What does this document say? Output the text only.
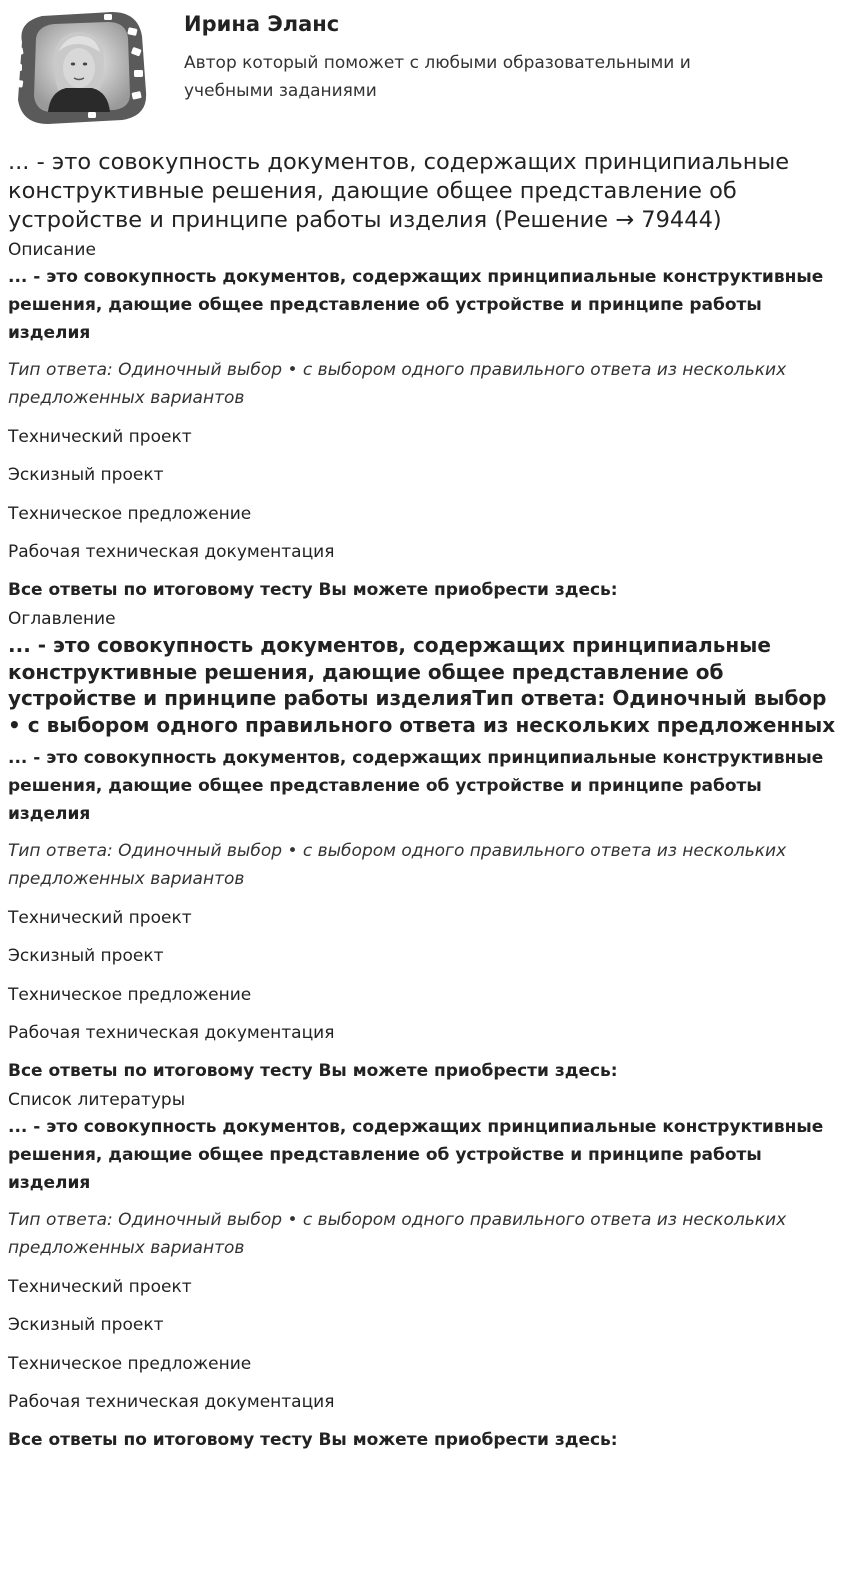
Ирина Эланс
Автор который поможет с любыми образовательными и учебными заданиями
... - это совокупность документов, содержащих принципиальные конструктивные решения, дающие общее представление об устройстве и принципе работы изделия (Решение → 79444)
Описание
... - это совокупность документов, содержащих принципиальные конструктивные решения, дающие общее представление об устройстве и принципе работы изделия
Тип ответа: Одиночный выбор • с выбором одного правильного ответа из нескольких предложенных вариантов
Технический проект
Эскизный проект
Техническое предложение
Рабочая техническая документация
Все ответы по итоговому тесту Вы можете приобрести здесь:
Оглавление
... - это совокупность документов, содержащих принципиальные конструктивные решения, дающие общее представление об устройстве и принципе работы изделияТип ответа: Одиночный выбор • с выбором одного правильного ответа из нескольких предложенных
... - это совокупность документов, содержащих принципиальные конструктивные решения, дающие общее представление об устройстве и принципе работы изделия
Тип ответа: Одиночный выбор • с выбором одного правильного ответа из нескольких предложенных вариантов
Технический проект
Эскизный проект
Техническое предложение
Рабочая техническая документация
Все ответы по итоговому тесту Вы можете приобрести здесь:
Список литературы
... - это совокупность документов, содержащих принципиальные конструктивные решения, дающие общее представление об устройстве и принципе работы изделия
Тип ответа: Одиночный выбор • с выбором одного правильного ответа из нескольких предложенных вариантов
Технический проект
Эскизный проект
Техническое предложение
Рабочая техническая документация
Все ответы по итоговому тесту Вы можете приобрести здесь:
